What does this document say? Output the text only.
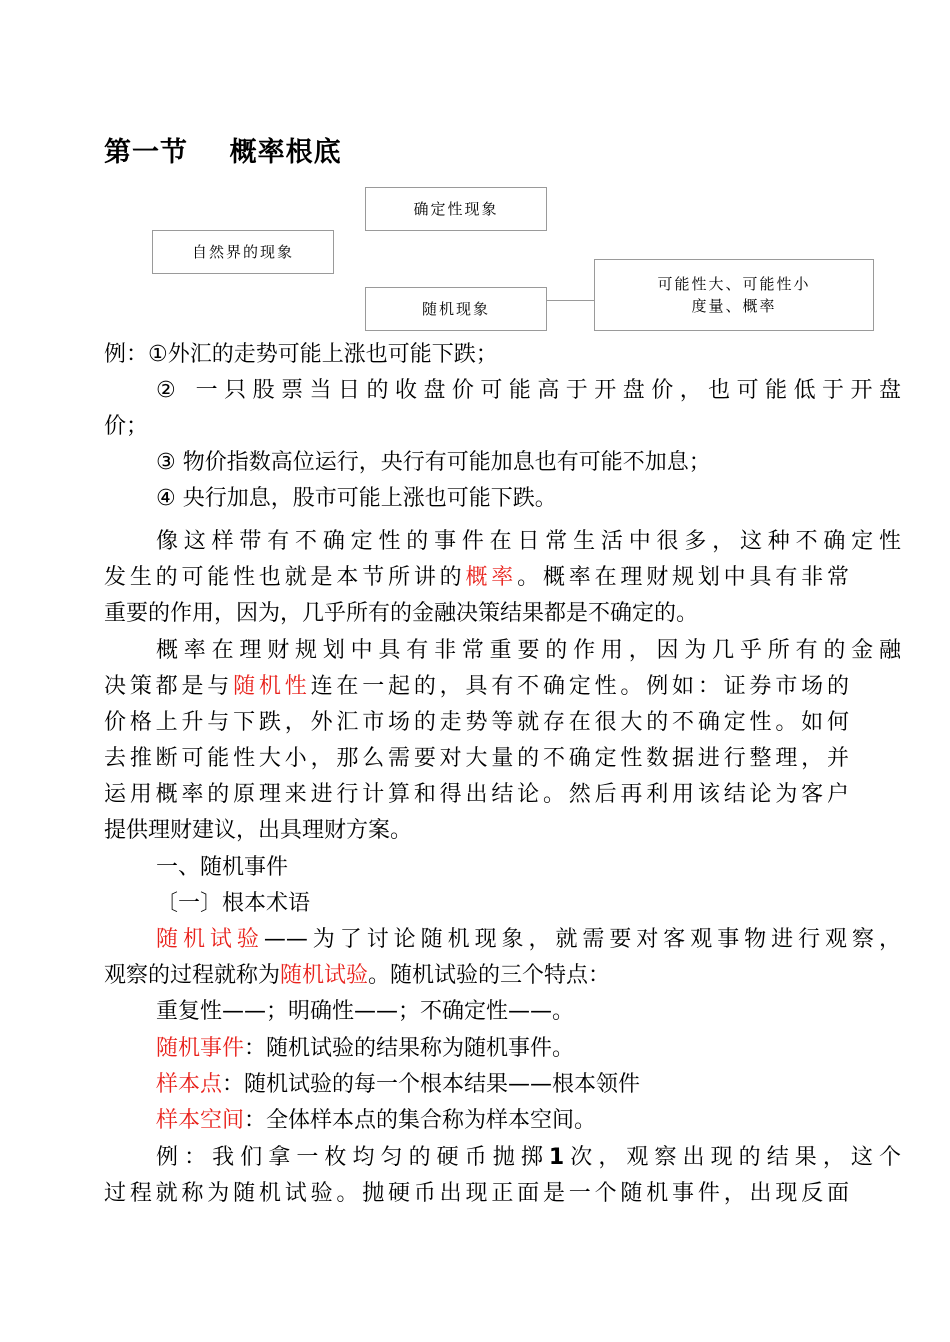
第一节    概率根底
自然界的现象
确定性现象
随机现象
可能性大、可能性小
度量、概率
例：①外汇的走势可能上涨也可能下跌；
② 一只股票当日的收盘价可能高于开盘价，也可能低于开盘
价；
③ 物价指数高位运行，央行有可能加息也有可能不加息；
④ 央行加息，股市可能上涨也可能下跌。
像这样带有不确定性的事件在日常生活中很多，这种不确定性
发生的可能性也就是本节所讲的概率。概率在理财规划中具有非常
重要的作用，因为，几乎所有的金融决策结果都是不确定的。
概率在理财规划中具有非常重要的作用，因为几乎所有的金融
决策都是与随机性连在一起的，具有不确定性。例如：证券市场的
价格上升与下跌，外汇市场的走势等就存在很大的不确定性。如何
去推断可能性大小，那么需要对大量的不确定性数据进行整理，并
运用概率的原理来进行计算和得出结论。然后再利用该结论为客户
提供理财建议，出具理财方案。
一、随机事件
〔一〕根本术语
随机试验——为了讨论随机现象，就需要对客观事物进行观察，
观察的过程就称为随机试验。随机试验的三个特点：
重复性——；明确性——；不确定性——。
随机事件：随机试验的结果称为随机事件。
样本点：随机试验的每一个根本结果——根本领件
样本空间：全体样本点的集合称为样本空间。
例：我们拿一枚均匀的硬币抛掷1次，观察出现的结果，这个
过程就称为随机试验。抛硬币出现正面是一个随机事件，出现反面
